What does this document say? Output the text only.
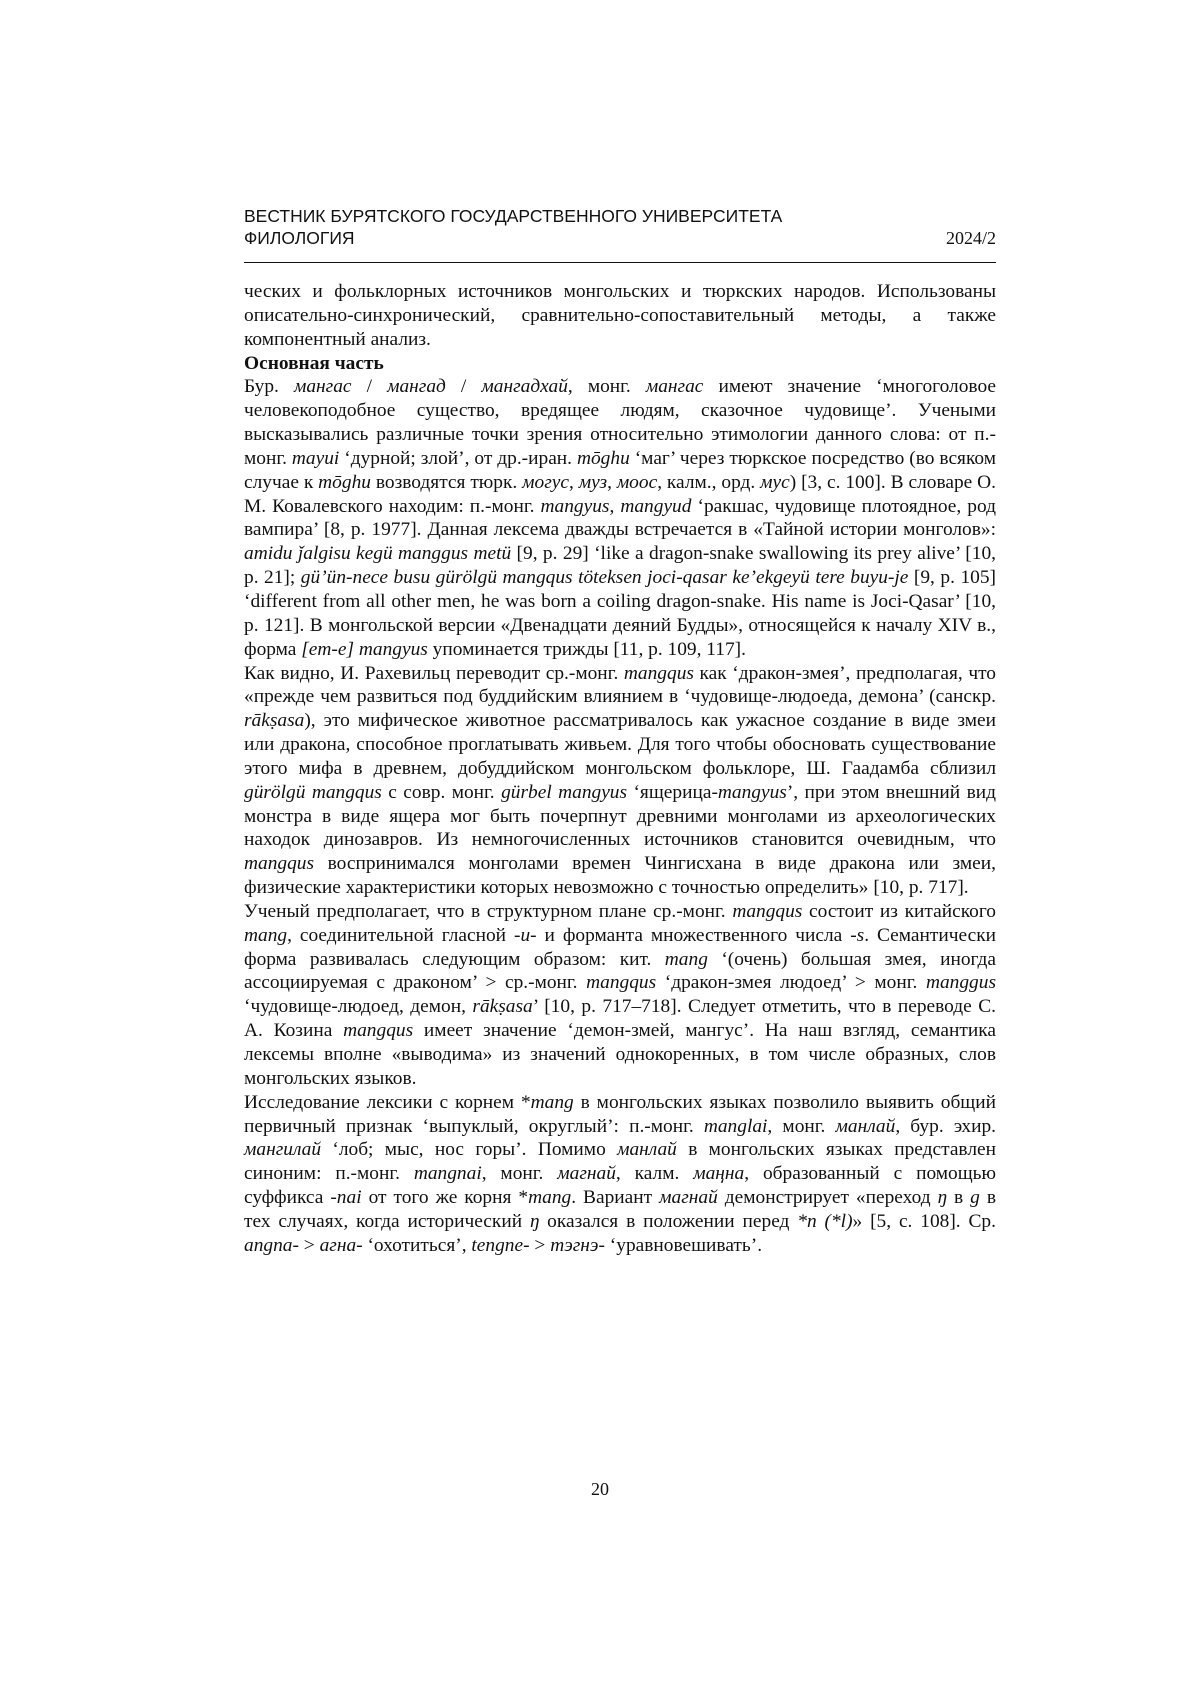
ВЕСТНИК БУРЯТСКОГО ГОСУДАРСТВЕННОГО УНИВЕРСИТЕТА
ФИЛОЛОГИЯ	2024/2

ческих и фольклорных источников монгольских и тюркских народов. Использованы описательно-синхронический, сравнительно-сопоставительный методы, а также компонентный анализ.

Основная часть

Бур. мангас / мангад / мангадхай, монг. мангас имеют значение ‘многоголовое человекоподобное существо, вредящее людям, сказочное чудовище’. Учеными высказывались различные точки зрения относительно этимологии данного слова: от п.-монг. mayui ‘дурной; злой’, от др.-иран. mōghu ‘маг’ через тюркское посредство (во всяком случае к mōghu возводятся тюрк. могус, муз, моос, калм., орд. мус) [3, с. 100]. В словаре О. М. Ковалевского находим: п.-монг. mangyus, mangyud ‘ракшас, чудовище плотоядное, род вампира’ [8, p. 1977]. Данная лексема дважды встречается в «Тайной истории монголов»: amidu ǰalgisu kegü manggus metü [9, p. 29] ‘like a dragon-snake swallowing its prey alive’ [10, p. 21]; gü’ün-nece busu gürölgü mangqus töteksen joci-qasar ke’ekgeyü tere buyu-je [9, p. 105] ‘different from all other men, he was born a coiling dragon-snake. His name is Joci-Qasar’ [10, p. 121]. В монгольской версии «Двенадцати деяний Будды», относящейся к началу XIV в., форма [em-e] mangyus упоминается трижды [11, p. 109, 117].

Как видно, И. Рахевильц переводит ср.-монг. mangqus как ‘дракон-змея’, предполагая, что «прежде чем развиться под буддийским влиянием в ‘чудовище-людоеда, демона’ (санскр. rākṣasa), это мифическое животное рассматривалось как ужасное создание в виде змеи или дракона, способное проглатывать живьем. Для того чтобы обосновать существование этого мифа в древнем, добуддийском монгольском фольклоре, Ш. Гаадамба сблизил gürölgü mangqus с совр. монг. gürbel mangyus ‘ящерица-mangyus’, при этом внешний вид монстра в виде ящера мог быть почерпнут древними монголами из археологических находок динозавров. Из немногочисленных источников становится очевидным, что mangqus воспринимался монголами времен Чингисхана в виде дракона или змеи, физические характеристики которых невозможно с точностью определить» [10, p. 717].

Ученый предполагает, что в структурном плане ср.-монг. mangqus состоит из китайского mang, соединительной гласной -u- и форманта множественного числа -s. Семантически форма развивалась следующим образом: кит. mang ‘(очень) большая змея, иногда ассоциируемая с драконом’ > ср.-монг. mangqus ‘дракон-змея людоед’ > монг. manggus ‘чудовище-людоед, демон, rākṣasa’ [10, p. 717–718]. Следует отметить, что в переводе С. А. Козина mangqus имеет значение ‘демон-змей, мангус’. На наш взгляд, семантика лексемы вполне «выводима» из значений однокоренных, в том числе образных, слов монгольских языков.

Исследование лексики с корнем *mang в монгольских языках позволило выявить общий первичный признак ‘выпуклый, округлый’: п.-монг. manglai, монг. манлай, бур. эхир. мангилай ‘лоб; мыс, нос горы’. Помимо манлай в монгольских языках представлен синоним: п.-монг. mangnai, монг. магнай, калм. маңна, образованный с помощью суффикса -nai от того же корня *mang. Вариант магнай демонстрирует «переход ŋ в g в тех случаях, когда исторический ŋ оказался в положении перед *n (*l)» [5, с. 108]. Ср. angna- > агна- ‘охотиться’, tengne- > тэгнэ- ‘уравновешивать’.

20
